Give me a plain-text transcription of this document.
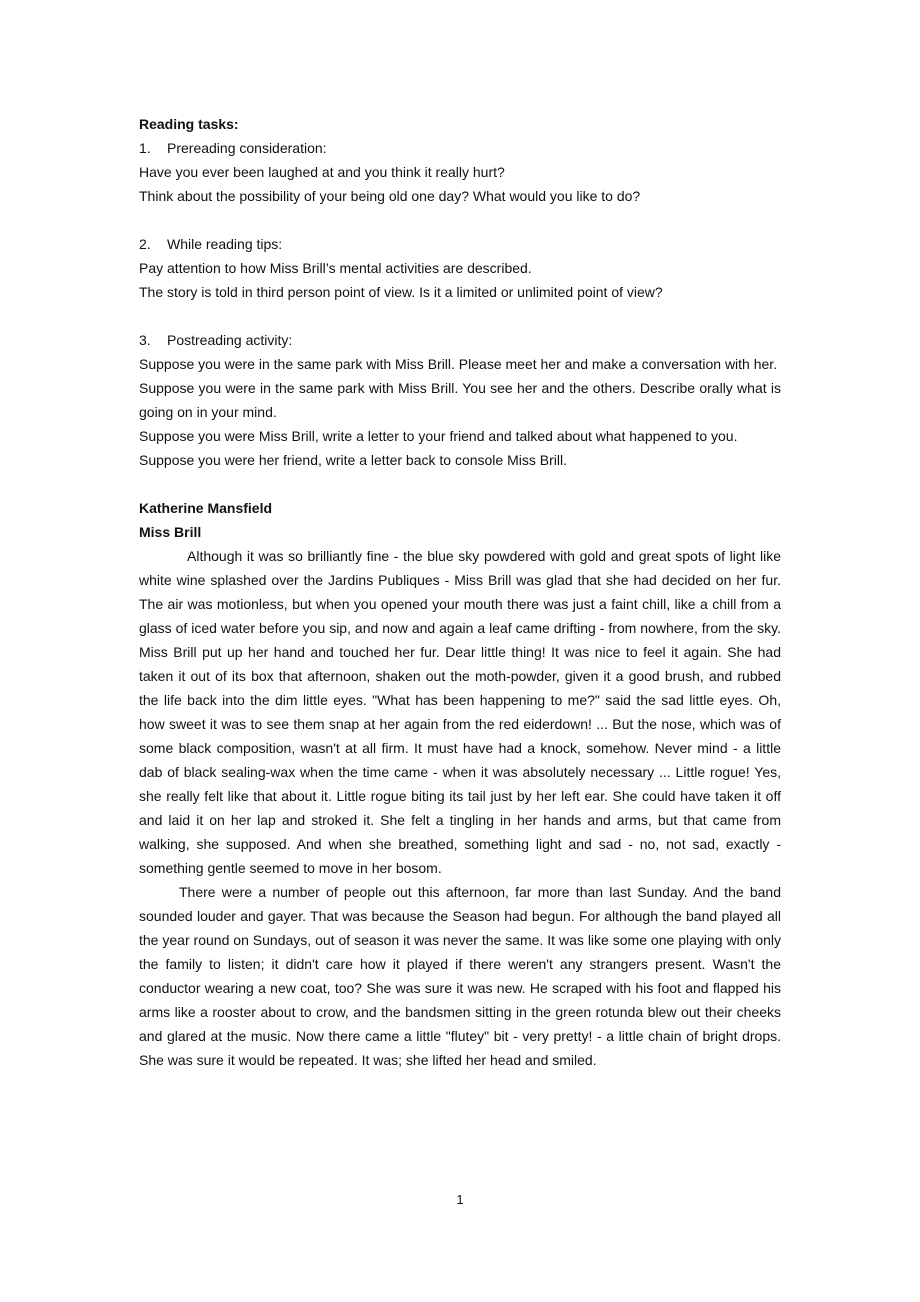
Reading tasks:
1. Prereading consideration:
Have you ever been laughed at and you think it really hurt?
Think about the possibility of your being old one day? What would you like to do?
2. While reading tips:
Pay attention to how Miss Brill’s mental activities are described.
The story is told in third person point of view. Is it a limited or unlimited point of view?
3. Postreading activity:
Suppose you were in the same park with Miss Brill. Please meet her and make a conversation with her.
Suppose you were in the same park with Miss Brill. You see her and the others. Describe orally what is going on in your mind.
Suppose you were Miss Brill, write a letter to your friend and talked about what happened to you.
Suppose you were her friend, write a letter back to console Miss Brill.
Katherine Mansfield
Miss Brill
Although it was so brilliantly fine - the blue sky powdered with gold and great spots of light like white wine splashed over the Jardins Publiques - Miss Brill was glad that she had decided on her fur. The air was motionless, but when you opened your mouth there was just a faint chill, like a chill from a glass of iced water before you sip, and now and again a leaf came drifting - from nowhere, from the sky. Miss Brill put up her hand and touched her fur. Dear little thing! It was nice to feel it again. She had taken it out of its box that afternoon, shaken out the moth-powder, given it a good brush, and rubbed the life back into the dim little eyes. "What has been happening to me?" said the sad little eyes. Oh, how sweet it was to see them snap at her again from the red eiderdown! ... But the nose, which was of some black composition, wasn't at all firm. It must have had a knock, somehow. Never mind - a little dab of black sealing-wax when the time came - when it was absolutely necessary ... Little rogue! Yes, she really felt like that about it. Little rogue biting its tail just by her left ear. She could have taken it off and laid it on her lap and stroked it. She felt a tingling in her hands and arms, but that came from walking, she supposed. And when she breathed, something light and sad - no, not sad, exactly - something gentle seemed to move in her bosom.
There were a number of people out this afternoon, far more than last Sunday. And the band sounded louder and gayer. That was because the Season had begun. For although the band played all the year round on Sundays, out of season it was never the same. It was like some one playing with only the family to listen; it didn't care how it played if there weren't any strangers present. Wasn't the conductor wearing a new coat, too? She was sure it was new. He scraped with his foot and flapped his arms like a rooster about to crow, and the bandsmen sitting in the green rotunda blew out their cheeks and glared at the music. Now there came a little "flutey" bit - very pretty! - a little chain of bright drops. She was sure it would be repeated. It was; she lifted her head and smiled.
1
